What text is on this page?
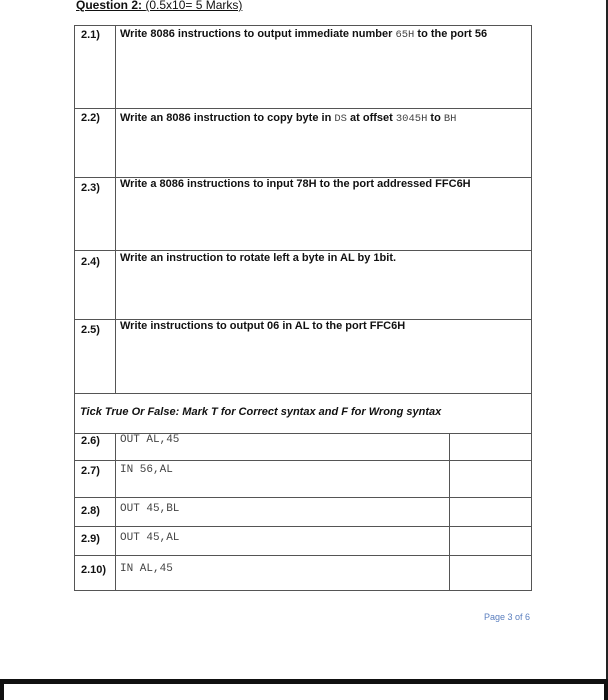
Question 2: (0.5x10= 5 Marks)
2.1) Write 8086 instructions to output immediate number 65H to the port 56
2.2) Write an 8086 instruction to copy byte in DS at offset 3045H to BH
2.3) Write a 8086 instructions to input 78H to the port addressed FFC6H
2.4) Write an instruction to rotate left a byte in AL by 1bit.
2.5) Write instructions to output 06 in AL to the port FFC6H
Tick True Or False: Mark T for Correct syntax and F for Wrong syntax
2.6) OUT AL,45
2.7) IN 56,AL
2.8) OUT 45,BL
2.9) OUT 45,AL
2.10) IN AL,45
Page 3 of 6
